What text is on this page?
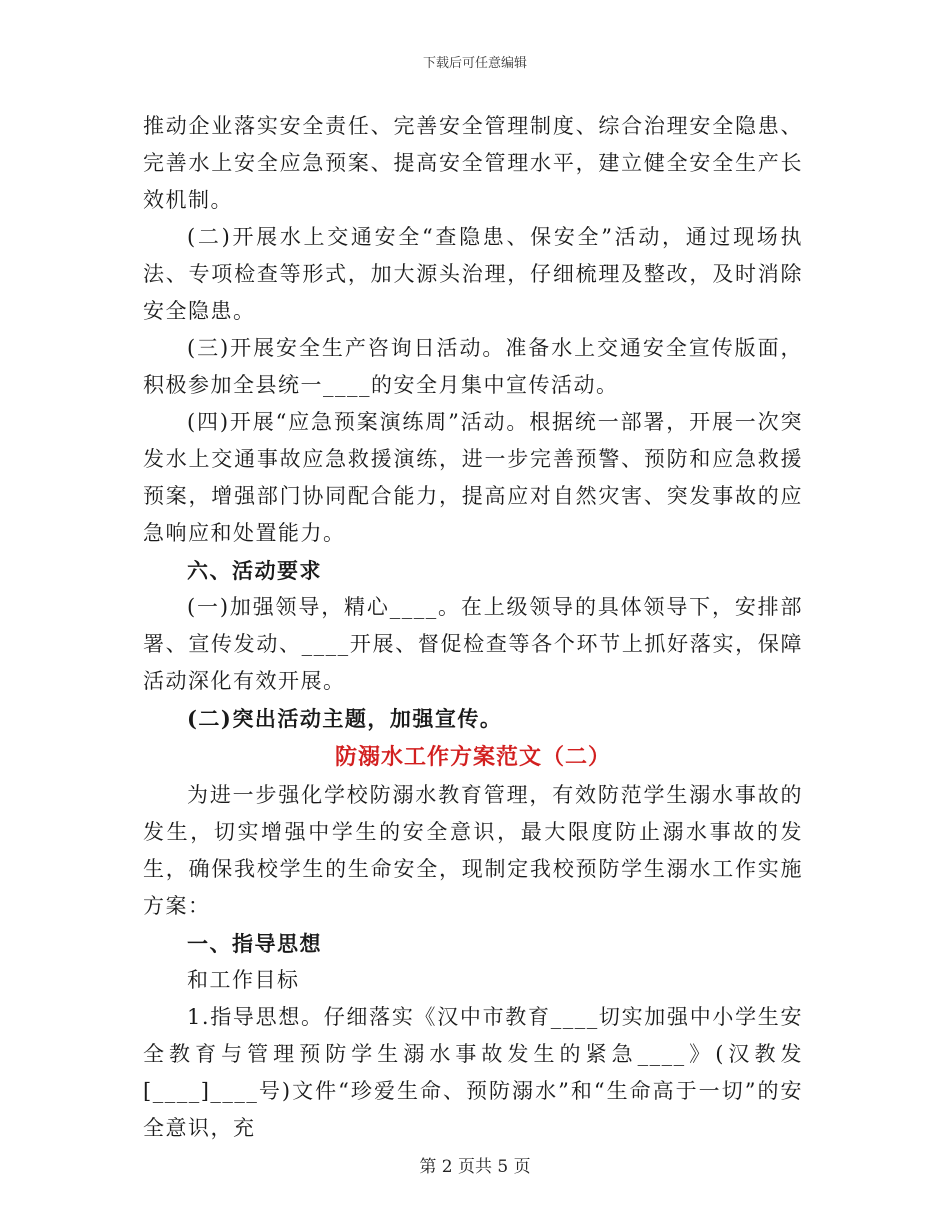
下载后可任意编辑

推动企业落实安全责任、完善安全管理制度、综合治理安全隐患、完善水上安全应急预案、提高安全管理水平，建立健全安全生产长效机制。

(二)开展水上交通安全“查隐患、保安全”活动，通过现场执法、专项检查等形式，加大源头治理，仔细梳理及整改，及时消除安全隐患。

(三)开展安全生产咨询日活动。准备水上交通安全宣传版面，积极参加全县统一____的安全月集中宣传活动。

(四)开展“应急预案演练周”活动。根据统一部署，开展一次突发水上交通事故应急救援演练，进一步完善预警、预防和应急救援预案，增强部门协同配合能力，提高应对自然灾害、突发事故的应急响应和处置能力。

六、活动要求

(一)加强领导，精心____。在上级领导的具体领导下，安排部署、宣传发动、____开展、督促检查等各个环节上抓好落实，保障活动深化有效开展。

(二)突出活动主题，加强宣传。

防溺水工作方案范文（二）

为进一步强化学校防溺水教育管理，有效防范学生溺水事故的发生，切实增强中学生的安全意识，最大限度防止溺水事故的发生，确保我校学生的生命安全，现制定我校预防学生溺水工作实施方案：

一、指导思想

和工作目标

1.指导思想。仔细落实《汉中市教育____切实加强中小学生安全教育与管理预防学生溺水事故发生的紧急____》(汉教发[____]____号)文件“珍爱生命、预防溺水”和“生命高于一切”的安全意识，充

第 2 页共 5 页
